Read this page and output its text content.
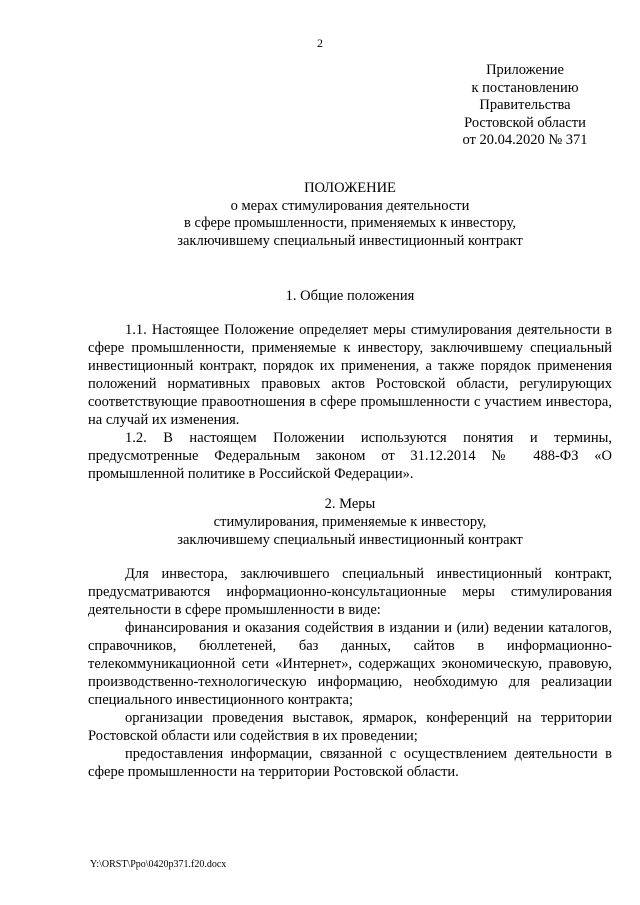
2
Приложение
к постановлению
Правительства
Ростовской области
от 20.04.2020 № 371
ПОЛОЖЕНИЕ
о мерах стимулирования деятельности
в сфере промышленности, применяемых к инвестору,
заключившему специальный инвестиционный контракт
1. Общие положения

1.1. Настоящее Положение определяет меры стимулирования деятельности в сфере промышленности, применяемые к инвестору, заключившему специальный инвестиционный контракт, порядок их применения, а также порядок применения положений нормативных правовых актов Ростовской области, регулирующих соответствующие правоотношения в сфере промышленности с участием инвестора, на случай их изменения.

1.2. В настоящем Положении используются понятия и термины, предусмотренные Федеральным законом от 31.12.2014 № 488-ФЗ «О промышленной политике в Российской Федерации».

2. Меры
стимулирования, применяемые к инвестору,
заключившему специальный инвестиционный контракт

Для инвестора, заключившего специальный инвестиционный контракт, предусматриваются информационно-консультационные меры стимулирования деятельности в сфере промышленности в виде:

финансирования и оказания содействия в издании и (или) ведении каталогов, справочников, бюллетеней, баз данных, сайтов в информационно-телекоммуникационной сети «Интернет», содержащих экономическую, правовую, производственно-технологическую информацию, необходимую для реализации специального инвестиционного контракта;

организации проведения выставок, ярмарок, конференций на территории Ростовской области или содействия в их проведении;

предоставления информации, связанной с осуществлением деятельности в сфере промышленности на территории Ростовской области.

Y:\ORST\Ppo\0420p371.f20.docx
